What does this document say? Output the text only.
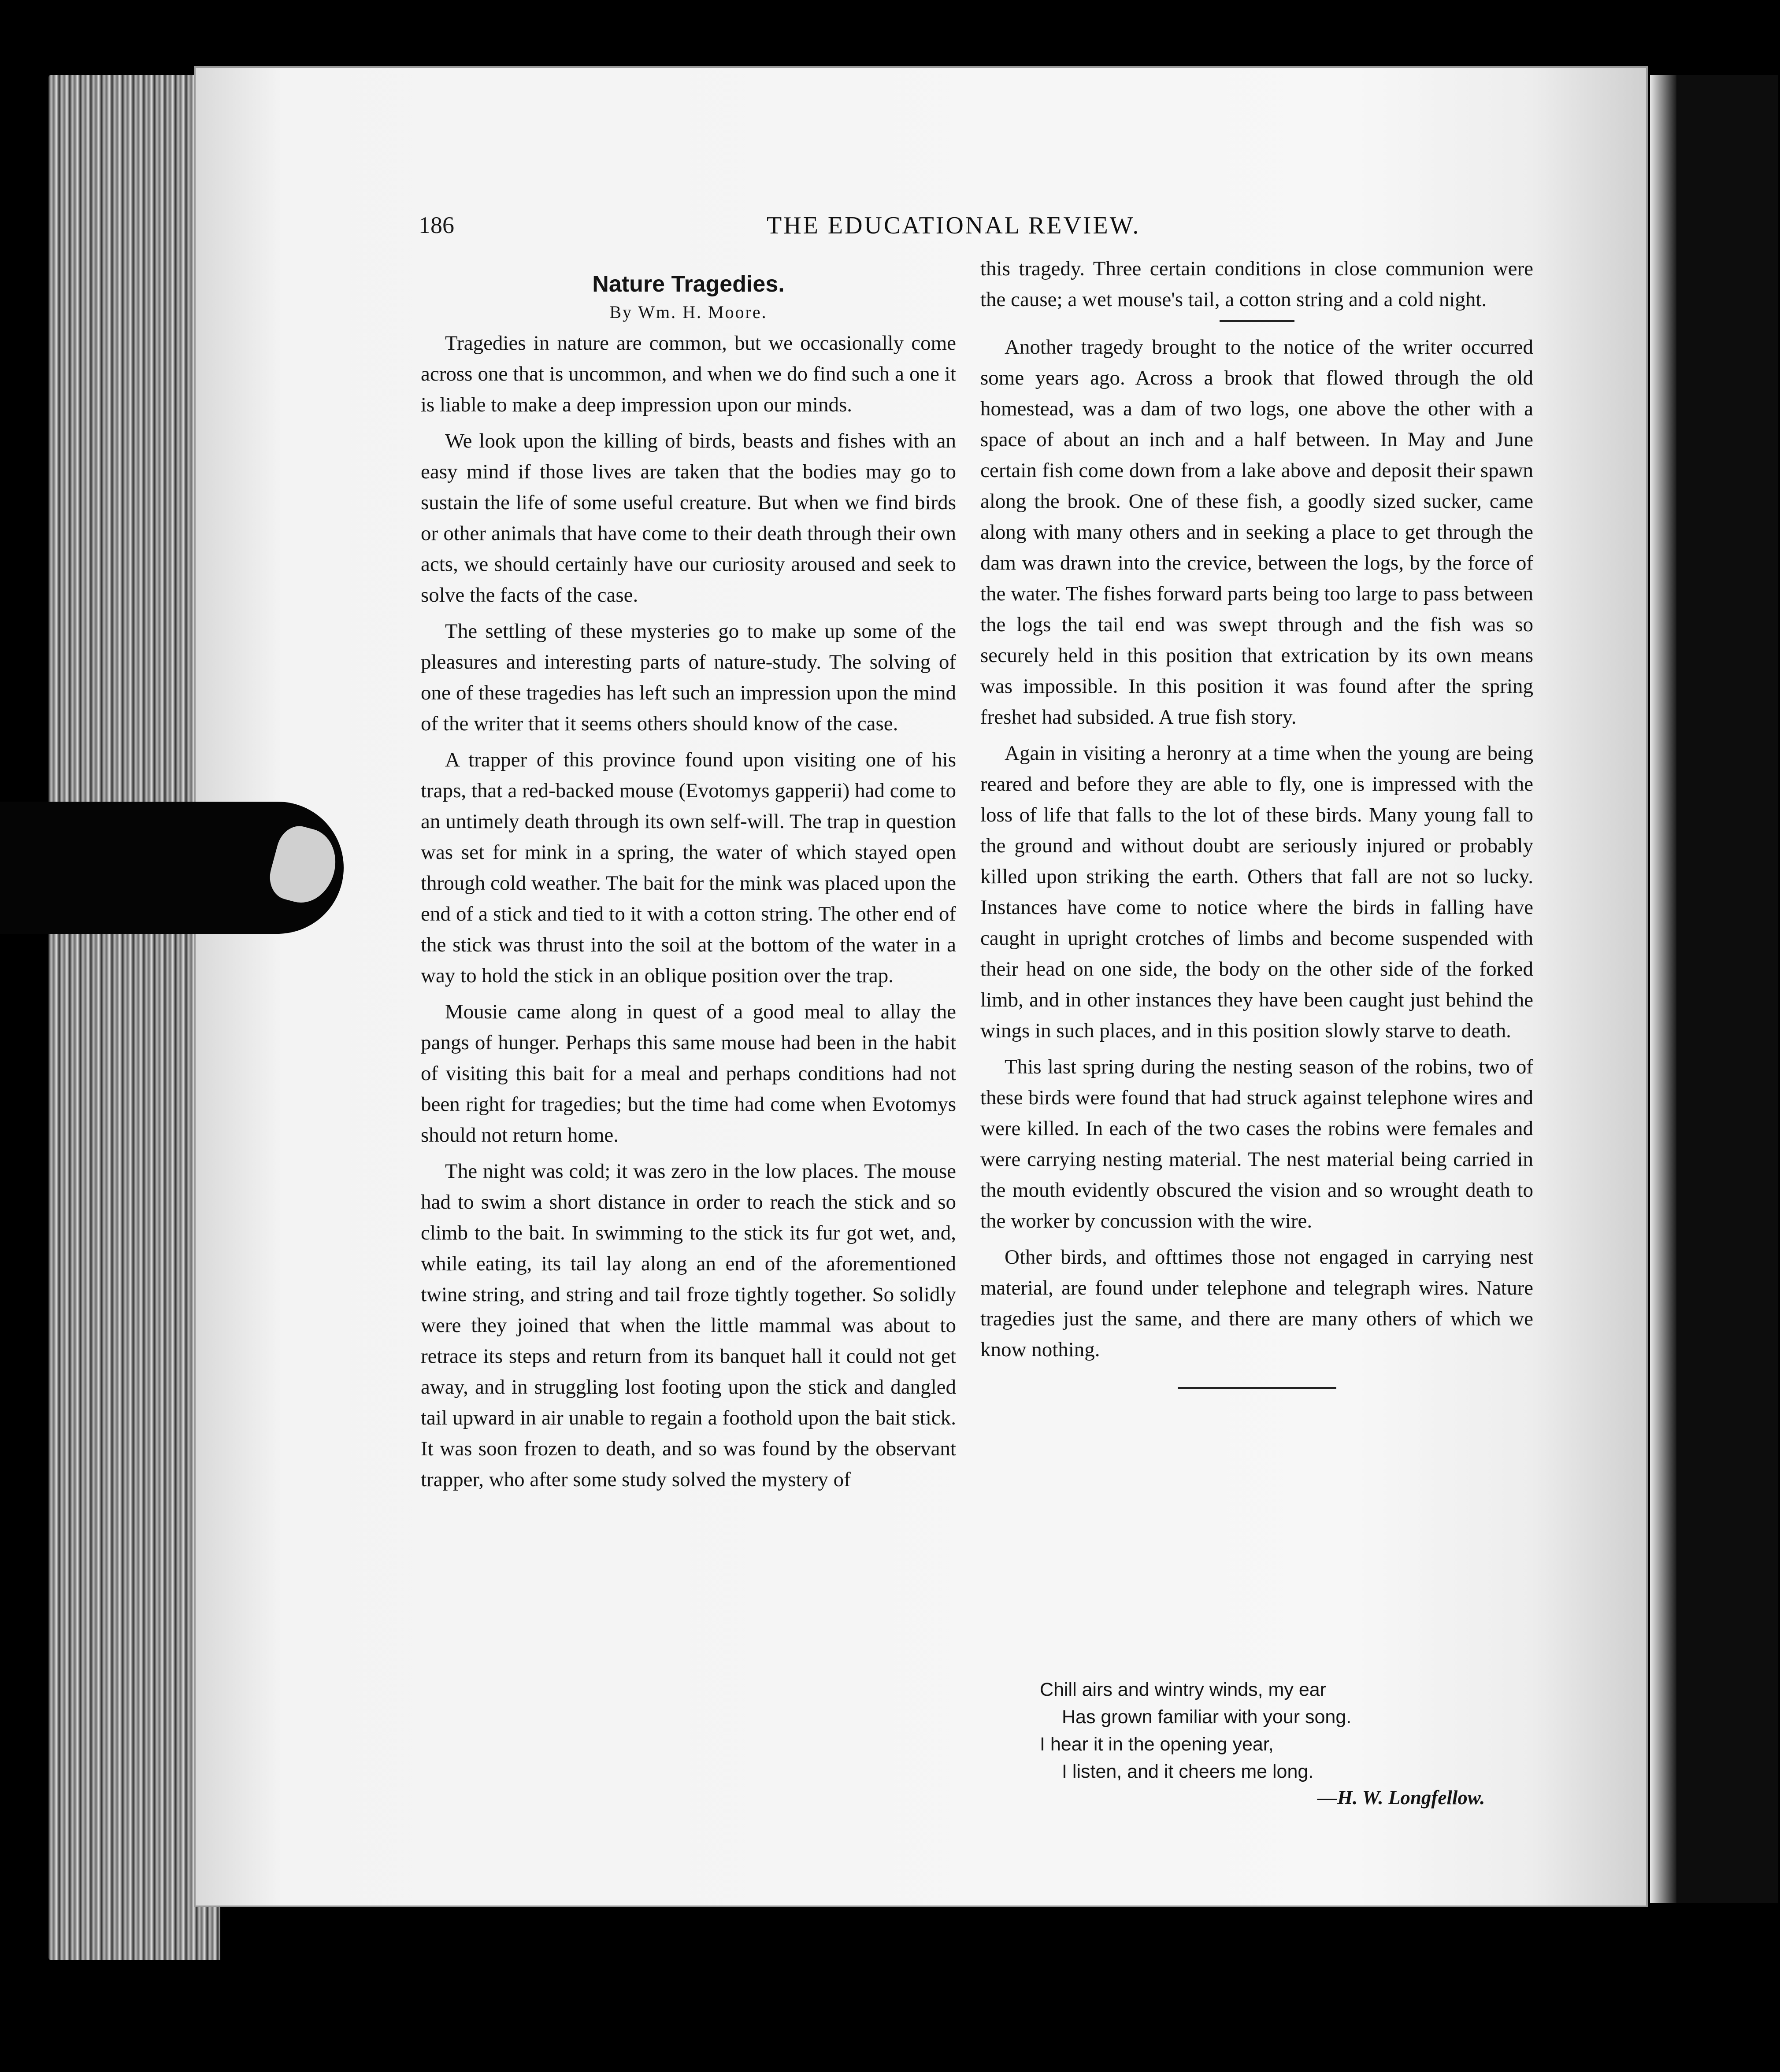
186	THE EDUCATIONAL REVIEW.
Nature Tragedies.
By Wm. H. Moore.

Tragedies in nature are common, but we occasionally come across one that is uncommon, and when we do find such a one it is liable to make a deep impression upon our minds.

We look upon the killing of birds, beasts and fishes with an easy mind if those lives are taken that the bodies may go to sustain the life of some useful creature. But when we find birds or other animals that have come to their death through their own acts, we should certainly have our curiosity aroused and seek to solve the facts of the case.

The settling of these mysteries go to make up some of the pleasures and interesting parts of nature-study. The solving of one of these tragedies has left such an impression upon the mind of the writer that it seems others should know of the case.

A trapper of this province found upon visiting one of his traps, that a red-backed mouse (Evotomys gapperii) had come to an untimely death through its own self-will. The trap in question was set for mink in a spring, the water of which stayed open through cold weather. The bait for the mink was placed upon the end of a stick and tied to it with a cotton string. The other end of the stick was thrust into the soil at the bottom of the water in a way to hold the stick in an oblique position over the trap.

Mousie came along in quest of a good meal to allay the pangs of hunger. Perhaps this same mouse had been in the habit of visiting this bait for a meal and perhaps conditions had not been right for tragedies; but the time had come when Evotomys should not return home.

The night was cold; it was zero in the low places. The mouse had to swim a short distance in order to reach the stick and so climb to the bait. In swimming to the stick its fur got wet, and, while eating, its tail lay along an end of the aforementioned twine string, and string and tail froze tightly together. So solidly were they joined that when the little mammal was about to retrace its steps and return from its banquet hall it could not get away, and in struggling lost footing upon the stick and dangled tail upward in air unable to regain a foothold upon the bait stick. It was soon frozen to death, and so was found by the observant trapper, who after some study solved the mystery of

this tragedy. Three certain conditions in close communion were the cause; a wet mouse's tail, a cotton string and a cold night.

Another tragedy brought to the notice of the writer occurred some years ago. Across a brook that flowed through the old homestead, was a dam of two logs, one above the other with a space of about an inch and a half between. In May and June certain fish come down from a lake above and deposit their spawn along the brook. One of these fish, a goodly sized sucker, came along with many others and in seeking a place to get through the dam was drawn into the crevice, between the logs, by the force of the water. The fishes forward parts being too large to pass between the logs the tail end was swept through and the fish was so securely held in this position that extrication by its own means was impossible. In this position it was found after the spring freshet had subsided. A true fish story.

Again in visiting a heronry at a time when the young are being reared and before they are able to fly, one is impressed with the loss of life that falls to the lot of these birds. Many young fall to the ground and without doubt are seriously injured or probably killed upon striking the earth. Others that fall are not so lucky. Instances have come to notice where the birds in falling have caught in upright crotches of limbs and become suspended with their head on one side, the body on the other side of the forked limb, and in other instances they have been caught just behind the wings in such places, and in this position slowly starve to death.

This last spring during the nesting season of the robins, two of these birds were found that had struck against telephone wires and were killed. In each of the two cases the robins were females and were carrying nesting material. The nest material being carried in the mouth evidently obscured the vision and so wrought death to the worker by concussion with the wire.

Other birds, and ofttimes those not engaged in carrying nest material, are found under telephone and telegraph wires. Nature tragedies just the same, and there are many others of which we know nothing.

Chill airs and wintry winds, my ear
Has grown familiar with your song.
I hear it in the opening year,
I listen, and it cheers me long.
—H. W. Longfellow.
